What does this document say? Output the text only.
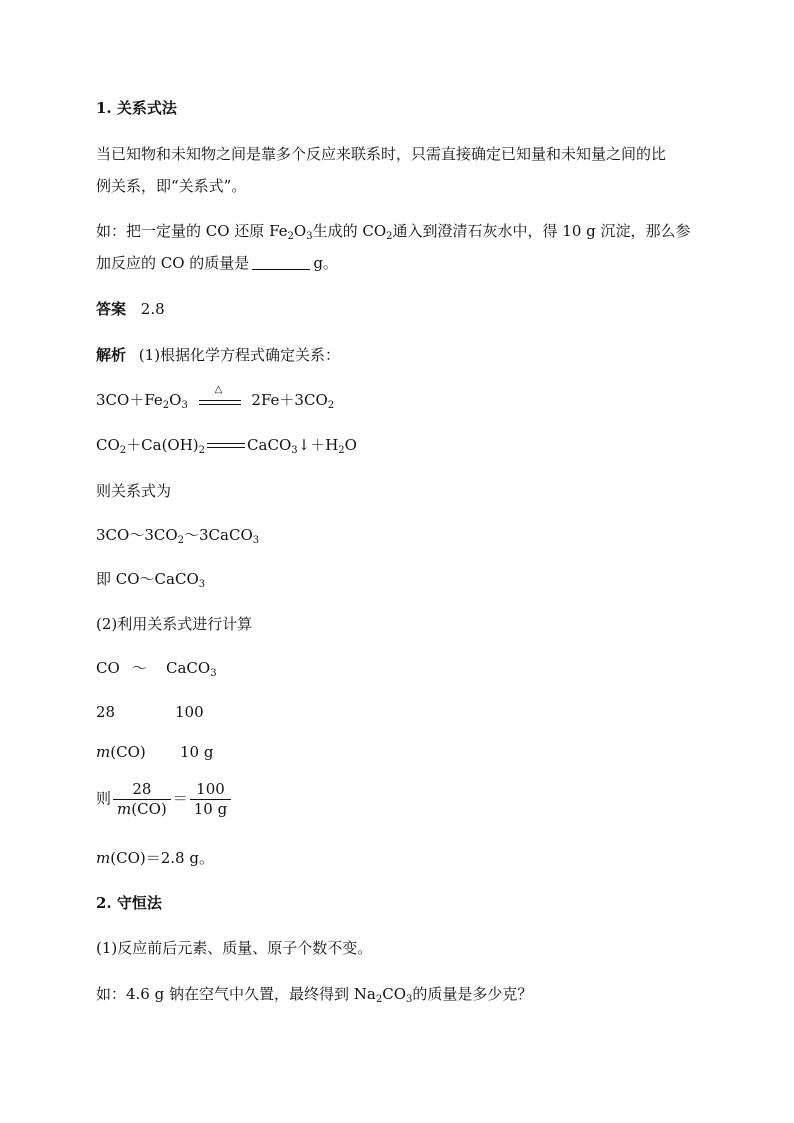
1. 关系式法
当已知物和未知物之间是靠多个反应来联系时，只需直接确定已知量和未知量之间的比
例关系，即“关系式”。
如：把一定量的 CO 还原 $Fe_2O_3$生成的 $CO_2$通入到澄清石灰水中，得 10 g 沉淀，那么参
加反应的 CO 的质量是	g。
答案 2.8
解析 (1)根据化学方程式确定关系：
$3CO+Fe_2O_3$
△
$2Fe+3CO_2$
$CO_2+Ca(OH)_2$	$CaCO_3↓+H_2O$
则关系式为
$3CO\sim 3CO_2\sim 3CaCO_3$
即 CO～CaCO$_3$
(2)利用关系式进行计算
CO ～ CaCO$_3$
28	100
m(CO) 10 g
则 $\frac{28}{m(CO)} = \frac{100}{10 g}$
m(CO)＝2.8 g。
2. 守恒法
(1)反应前后元素、质量、原子个数不变。
如：4.6 g 钠在空气中久置，最终得到 $Na_2CO_3$的质量是多少克？
